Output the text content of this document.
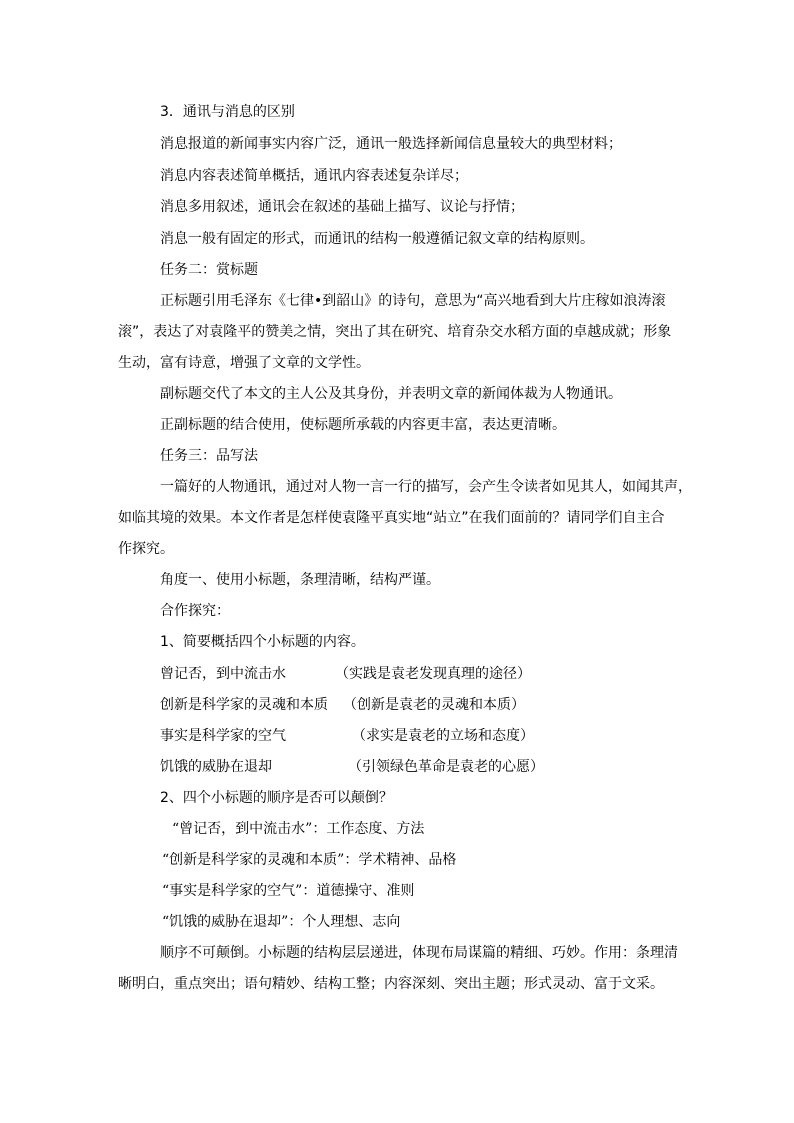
3．通讯与消息的区别
消息报道的新闻事实内容广泛，通讯一般选择新闻信息量较大的典型材料；
消息内容表述简单概括，通讯内容表述复杂详尽；
消息多用叙述，通讯会在叙述的基础上描写、议论与抒情；
消息一般有固定的形式，而通讯的结构一般遵循记叙文章的结构原则。
任务二：赏标题
正标题引用毛泽东《七律•到韶山》的诗句，意思为“高兴地看到大片庄稼如浪涛滚
滚”，表达了对袁隆平的赞美之情，突出了其在研究、培育杂交水稻方面的卓越成就；形象
生动，富有诗意，增强了文章的文学性。
副标题交代了本文的主人公及其身份，并表明文章的新闻体裁为人物通讯。
正副标题的结合使用，使标题所承载的内容更丰富，表达更清晰。
任务三：品写法
一篇好的人物通讯，通过对人物一言一行的描写，会产生令读者如见其人，如闻其声，
如临其境的效果。本文作者是怎样使袁隆平真实地“站立”在我们面前的？请同学们自主合
作探究。
角度一、使用小标题，条理清晰，结构严谨。
合作探究：
1、简要概括四个小标题的内容。
曾记否，到中流击水	（实践是袁老发现真理的途径）
创新是科学家的灵魂和本质 （创新是袁老的灵魂和本质）
事实是科学家的空气	（求实是袁老的立场和态度）
饥饿的威胁在退却	（引领绿色革命是袁老的心愿）
2、四个小标题的顺序是否可以颠倒？
“曾记否，到中流击水”：工作态度、方法
“创新是科学家的灵魂和本质”：学术精神、品格
“事实是科学家的空气”：道德操守、准则
“饥饿的威胁在退却”：个人理想、志向
顺序不可颠倒。小标题的结构层层递进，体现布局谋篇的精细、巧妙。作用：条理清
晰明白，重点突出；语句精妙、结构工整；内容深刻、突出主题；形式灵动、富于文采。
